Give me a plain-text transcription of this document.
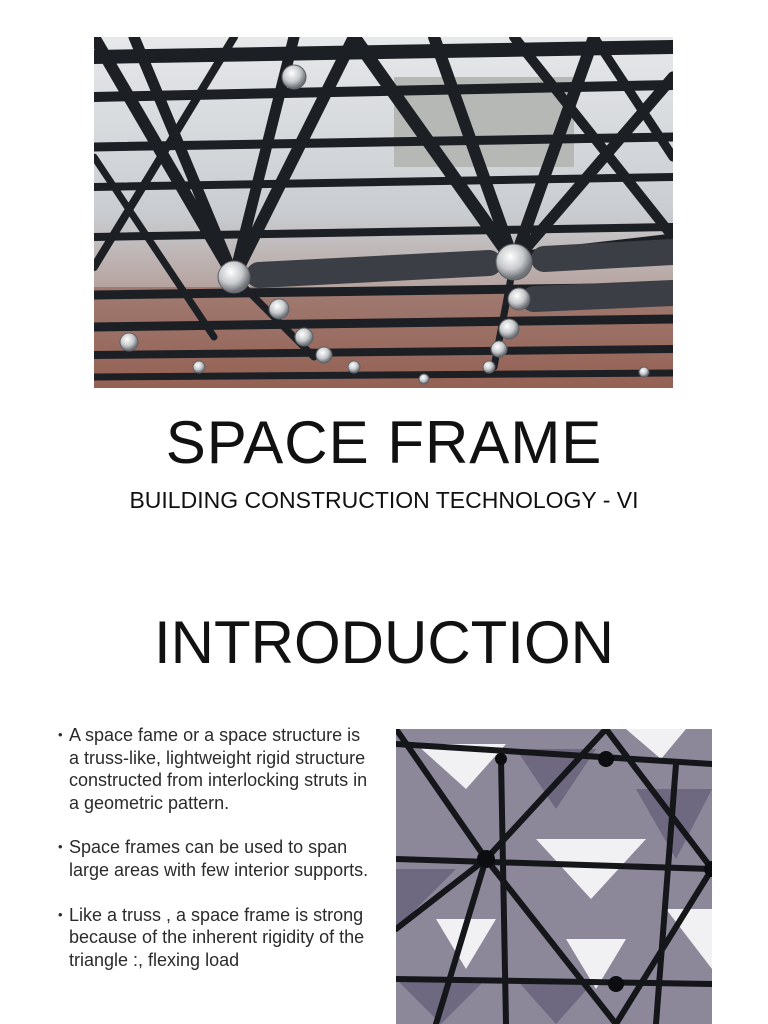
SPACE FRAME
BUILDING CONSTRUCTION TECHNOLOGY - VI
INTRODUCTION
• A space fame or a space structure is a truss-like, lightweight rigid structure constructed from interlocking struts in a geometric pattern.
• Space frames can be used to span large areas with few interior supports.
• Like a truss , a space frame is strong because of the inherent rigidity of the triangle :, flexing load
